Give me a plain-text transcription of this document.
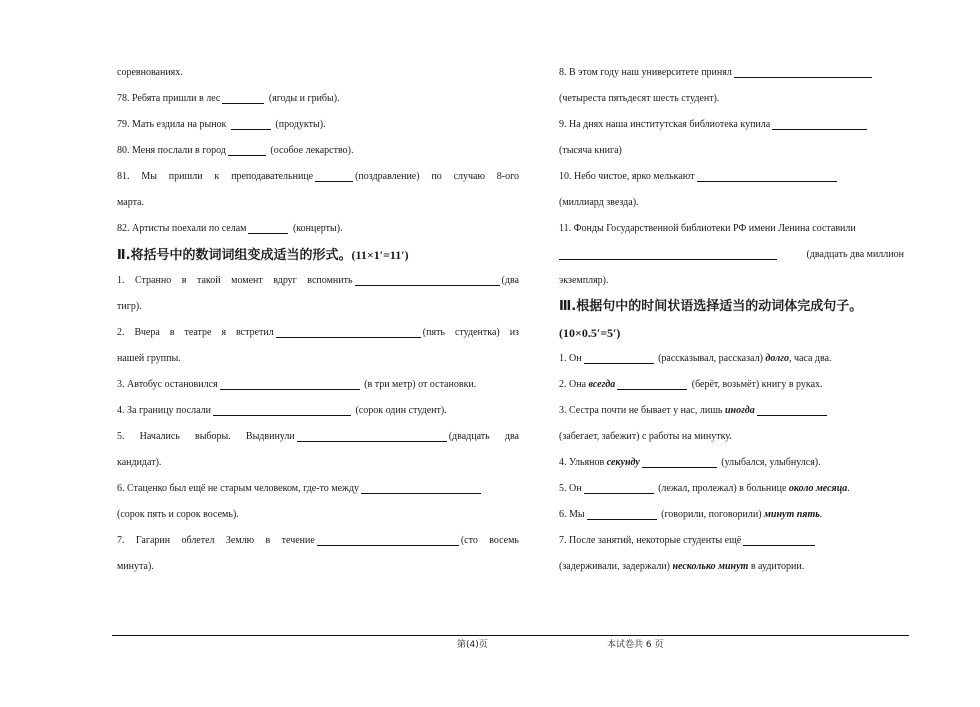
соревнованиях.
78. Ребята пришли в лес	(ягоды и грибы).
79. Мать ездила на рынок	(продукты).
80. Меня послали в город	(особое лекарство).
81. Мы пришли к преподавательнице	(поздравление) по случаю 8-ого
марта.
82. Артисты поехали по селам	(концерты).
Ⅱ.将括号中的数词词组变成适当的形式。(11×1′=11′)
1. Странно в такой момент вдруг вспомнить	(два
тигр).
2. Вчера в театре я встретил	(пять студентка) из
нашей группы.
3. Автобус остановился	(в три метр) от остановки.
4. За границу послали	(сорок один студент).
5. Начались выборы. Выдвинули	(двадцать два
кандидат).
6. Стаценко был ещё не старым человеком, где-то между
(сорок пять и сорок восемь).
7. Гагарин облетел Землю в течение	(сто восемь
минута).
8. В этом году наш университете принял
(четыреста пятьдесят шесть студент).
9. На днях наша институтская библиотека купила
(тысяча книга)
10. Небо чистое, ярко мелькают
(миллиард звезда).
11. Фонды Государственной библиотеки РФ имени Ленина составили
(двадцать два миллион
экземпляр).
Ⅲ.根据句中的时间状语选择适当的动词体完成句子。
(10×0.5′=5′)
1. Он	(рассказывал, рассказал) долго, часа два.
2. Она всегда	(берёт, возьмёт) книгу в руках.
3. Сестра почти не бывает у нас, лишь иногда
(забегает, забежит) с работы на минутку.
4. Ульянов секунду	(улыбался, улыбнулся).
5. Он	(лежал, пролежал) в больнице около месяца.
6. Мы	(говорили, поговорили) минут пять.
7. После занятий, некоторые студенты ещё
(задерживали, задержали) несколько минут в аудитории.
第(4)页	本试卷共 6 页
